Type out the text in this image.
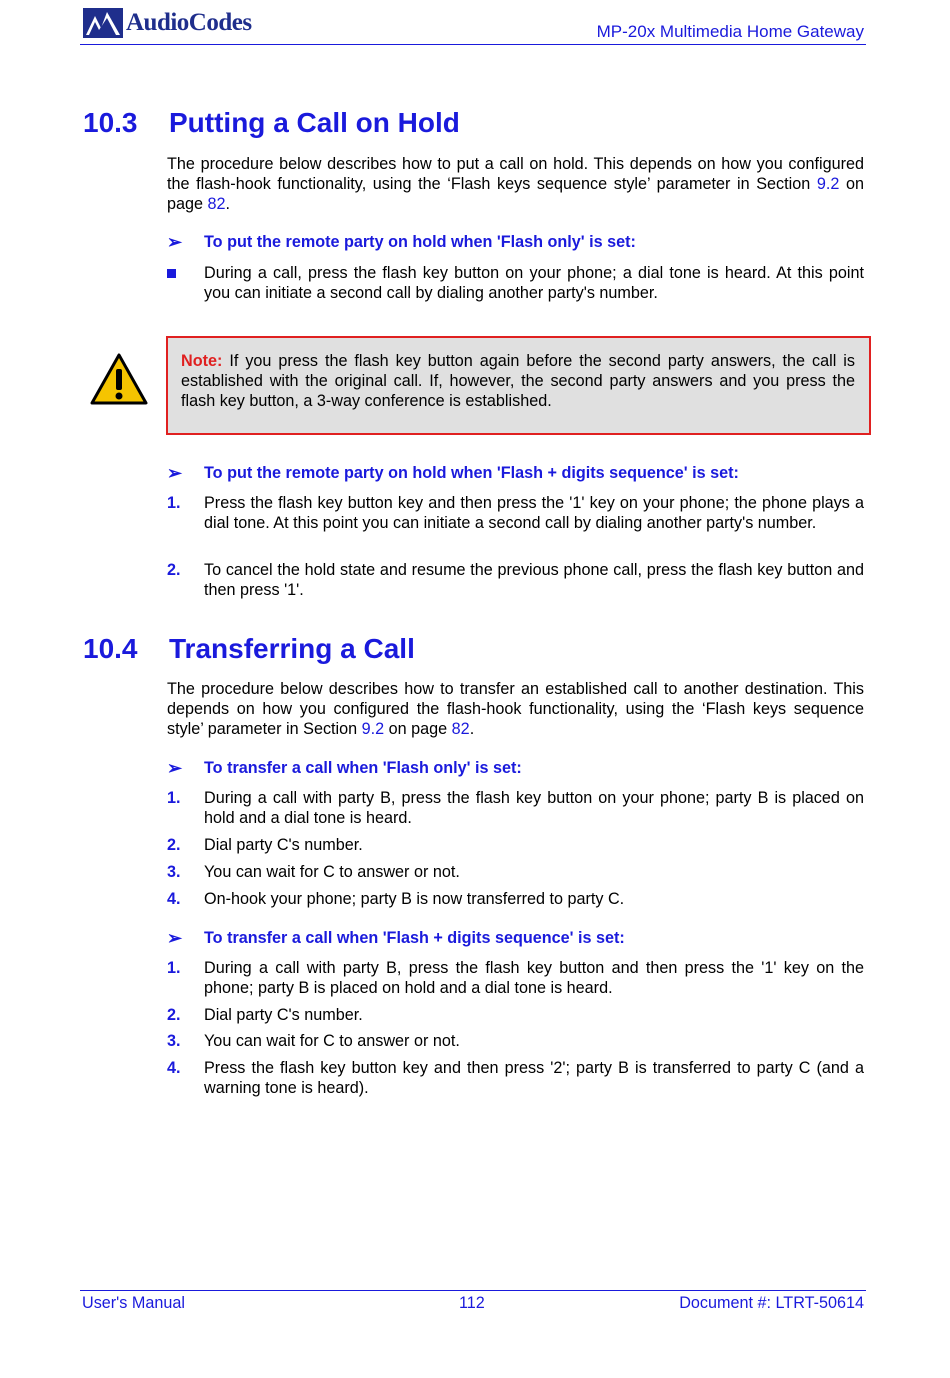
AudioCodes	MP-20x Multimedia Home Gateway
10.3	Putting a Call on Hold
The procedure below describes how to put a call on hold. This depends on how you configured the flash-hook functionality, using the ‘Flash keys sequence style’ parameter in Section 9.2 on page 82.
➢	To put the remote party on hold when 'Flash only' is set:
During a call, press the flash key button on your phone; a dial tone is heard. At this point you can initiate a second call by dialing another party's number.
Note: If you press the flash key button again before the second party answers, the call is established with the original call. If, however, the second party answers and you press the flash key button, a 3-way conference is established.
➢	To put the remote party on hold when 'Flash + digits sequence' is set:
1.	Press the flash key button key and then press the '1' key on your phone; the phone plays a dial tone. At this point you can initiate a second call by dialing another party's number.
2.	To cancel the hold state and resume the previous phone call, press the flash key button and then press '1'.
10.4	Transferring a Call
The procedure below describes how to transfer an established call to another destination. This depends on how you configured the flash-hook functionality, using the ‘Flash keys sequence style’ parameter in Section 9.2 on page 82.
➢	To transfer a call when 'Flash only' is set:
1.	During a call with party B, press the flash key button on your phone; party B is placed on hold and a dial tone is heard.
2.	Dial party C's number.
3.	You can wait for C to answer or not.
4.	On-hook your phone; party B is now transferred to party C.
➢	To transfer a call when 'Flash + digits sequence' is set:
1.	During a call with party B, press the flash key button and then press the '1' key on the phone; party B is placed on hold and a dial tone is heard.
2.	Dial party C's number.
3.	You can wait for C to answer or not.
4.	Press the flash key button key and then press '2'; party B is transferred to party C (and a warning tone is heard).
User's Manual	112	Document #: LTRT-50614
